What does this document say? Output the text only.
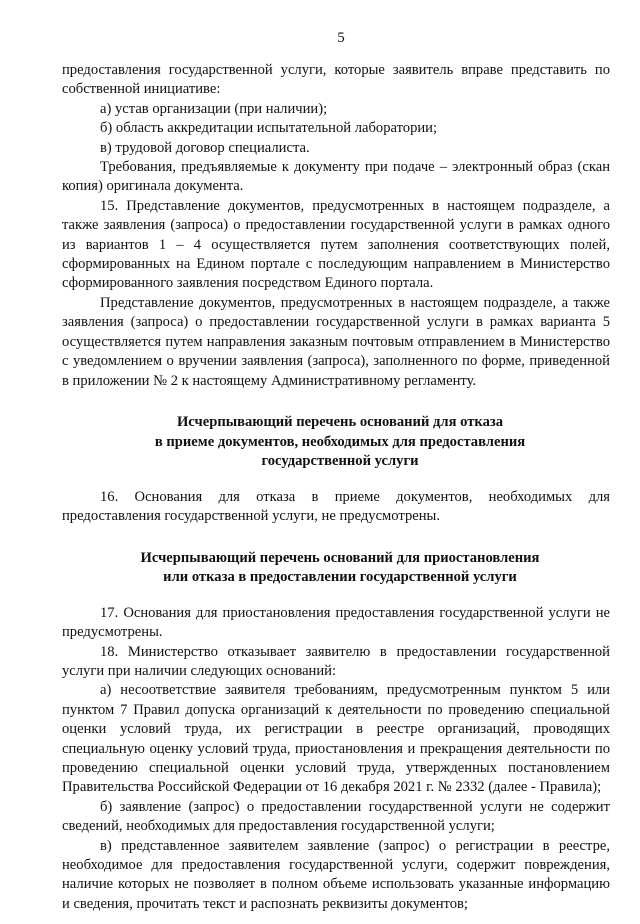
5

предоставления государственной услуги, которые заявитель вправе представить по собственной инициативе:

а) устав организации (при наличии);

б) область аккредитации испытательной лаборатории;

в) трудовой договор специалиста.

Требования, предъявляемые к документу при подаче – электронный образ (скан копия) оригинала документа.

15. Представление документов, предусмотренных в настоящем подразделе, а также заявления (запроса) о предоставлении государственной услуги в рамках одного из вариантов 1 – 4 осуществляется путем заполнения соответствующих полей, сформированных на Едином портале с последующим направлением в Министерство сформированного заявления посредством Единого портала.

Представление документов, предусмотренных в настоящем подразделе, а также заявления (запроса) о предоставлении государственной услуги в рамках варианта 5 осуществляется путем направления заказным почтовым отправлением в Министерство с уведомлением о вручении заявления (запроса), заполненного по форме, приведенной в приложении № 2 к настоящему Административному регламенту.

Исчерпывающий перечень оснований для отказа

в приеме документов, необходимых для предоставления

государственной услуги

16. Основания для отказа в приеме документов, необходимых для предоставления государственной услуги, не предусмотрены.

Исчерпывающий перечень оснований для приостановления

или отказа в предоставлении государственной услуги

17. Основания для приостановления предоставления государственной услуги не предусмотрены.

18. Министерство отказывает заявителю в предоставлении государственной услуги при наличии следующих оснований:

а) несоответствие заявителя требованиям, предусмотренным пунктом 5 или пунктом 7 Правил допуска организаций к деятельности по проведению специальной оценки условий труда, их регистрации в реестре организаций, проводящих специальную оценку условий труда, приостановления и прекращения деятельности по проведению специальной оценки условий труда, утвержденных постановлением Правительства Российской Федерации от 16 декабря 2021 г. № 2332 (далее - Правила);

б) заявление (запрос) о предоставлении государственной услуги не содержит сведений, необходимых для предоставления государственной услуги;

в) представленное заявителем заявление (запрос) о регистрации в реестре, необходимое для предоставления государственной услуги, содержит повреждения, наличие которых не позволяет в полном объеме использовать указанные информацию и сведения, прочитать текст и распознать реквизиты документов;
